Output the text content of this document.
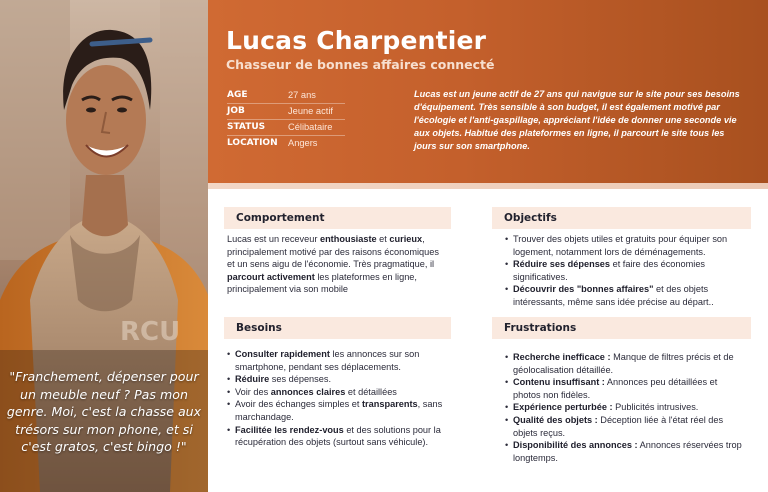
RCU
"Franchement, dépenser pour un meuble neuf ? Pas mon genre. Moi, c'est la chasse aux trésors sur mon phone, et si c'est gratos, c'est bingo !"
Lucas Charpentier
Chasseur de bonnes affaires connecté
AGE	27 ans
JOB	Jeune actif
STATUS Célibataire
LOCATION Angers
Lucas est un jeune actif de 27 ans qui navigue sur le site pour ses besoins d'équipement. Très sensible à son budget, il est également motivé par l'écologie et l'anti-gaspillage, appréciant l'idée de donner une seconde vie aux objets. Habitué des plateformes en ligne, il parcourt le site tous les jours sur son smartphone.
Comportement

Lucas est un receveur enthousiaste et curieux, principalement motivé par des raisons économiques et un sens aigu de l'économie. Très pragmatique, il parcourt activement les plateformes en ligne, principalement via son mobile

Objectifs
• Trouver des objets utiles et gratuits pour équiper son logement, notamment lors de déménagements.
• Réduire ses dépenses et faire des économies significatives.
• Découvrir des "bonnes affaires" et des objets intéressants, même sans idée précise au départ..
Besoins
• Consulter rapidement les annonces sur son smartphone, pendant ses déplacements.
• Réduire ses dépenses.
• Voir des annonces claires et détaillées
• Avoir des échanges simples et transparents, sans marchandage.
• Facilitée les rendez-vous et des solutions pour la récupération des objets (surtout sans véhicule).
Frustrations
• Recherche inefficace : Manque de filtres précis et de géolocalisation détaillée.
• Contenu insuffisant : Annonces peu détaillées et photos non fidèles.
• Expérience perturbée : Publicités intrusives.
• Qualité des objets : Déception liée à l'état réel des objets reçus.
• Disponibilité des annonces : Annonces réservées trop longtemps.
